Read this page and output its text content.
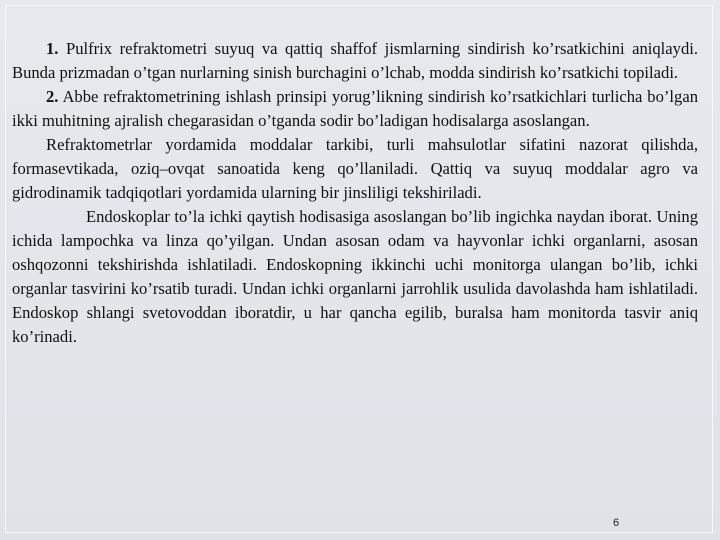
1. Pulfrix refraktometri suyuq va qattiq shaffof jismlarning sindirish ko’rsatkichini aniqlaydi. Bunda prizmadan o’tgan nurlarning sinish burchagini o’lchab, modda sindirish ko’rsatkichi topiladi.

2. Abbe refraktometrining ishlash prinsipi yorug’likning sindirish ko’rsatkichlari turlicha bo’lgan ikki muhitning ajralish chegarasidan o’tganda sodir bo’ladigan hodisalarga asoslangan.

Refraktometrlar yordamida moddalar tarkibi, turli mahsulotlar sifatini nazorat qilishda, formasevtikada, oziq–ovqat sanoatida keng qo’llaniladi. Qattiq va suyuq moddalar agro va gidrodinamik tadqiqotlari yordamida ularning bir jinsliligi tekshiriladi.

Endoskoplar to’la ichki qaytish hodisasiga asoslangan bo’lib ingichka naydan iborat. Uning ichida lampochka va linza qo’yilgan. Undan asosan odam va hayvonlar ichki organlarni, asosan oshqozonni tekshirishda ishlatiladi. Endoskopning ikkinchi uchi monitorga ulangan bo’lib, ichki organlar tasvirini ko’rsatib turadi. Undan ichki organlarni jarrohlik usulida davolashda ham ishlatiladi. Endoskop shlangi svetovoddan iboratdir, u har qancha egilib, buralsa ham monitorda tasvir aniq ko’rinadi.

6
